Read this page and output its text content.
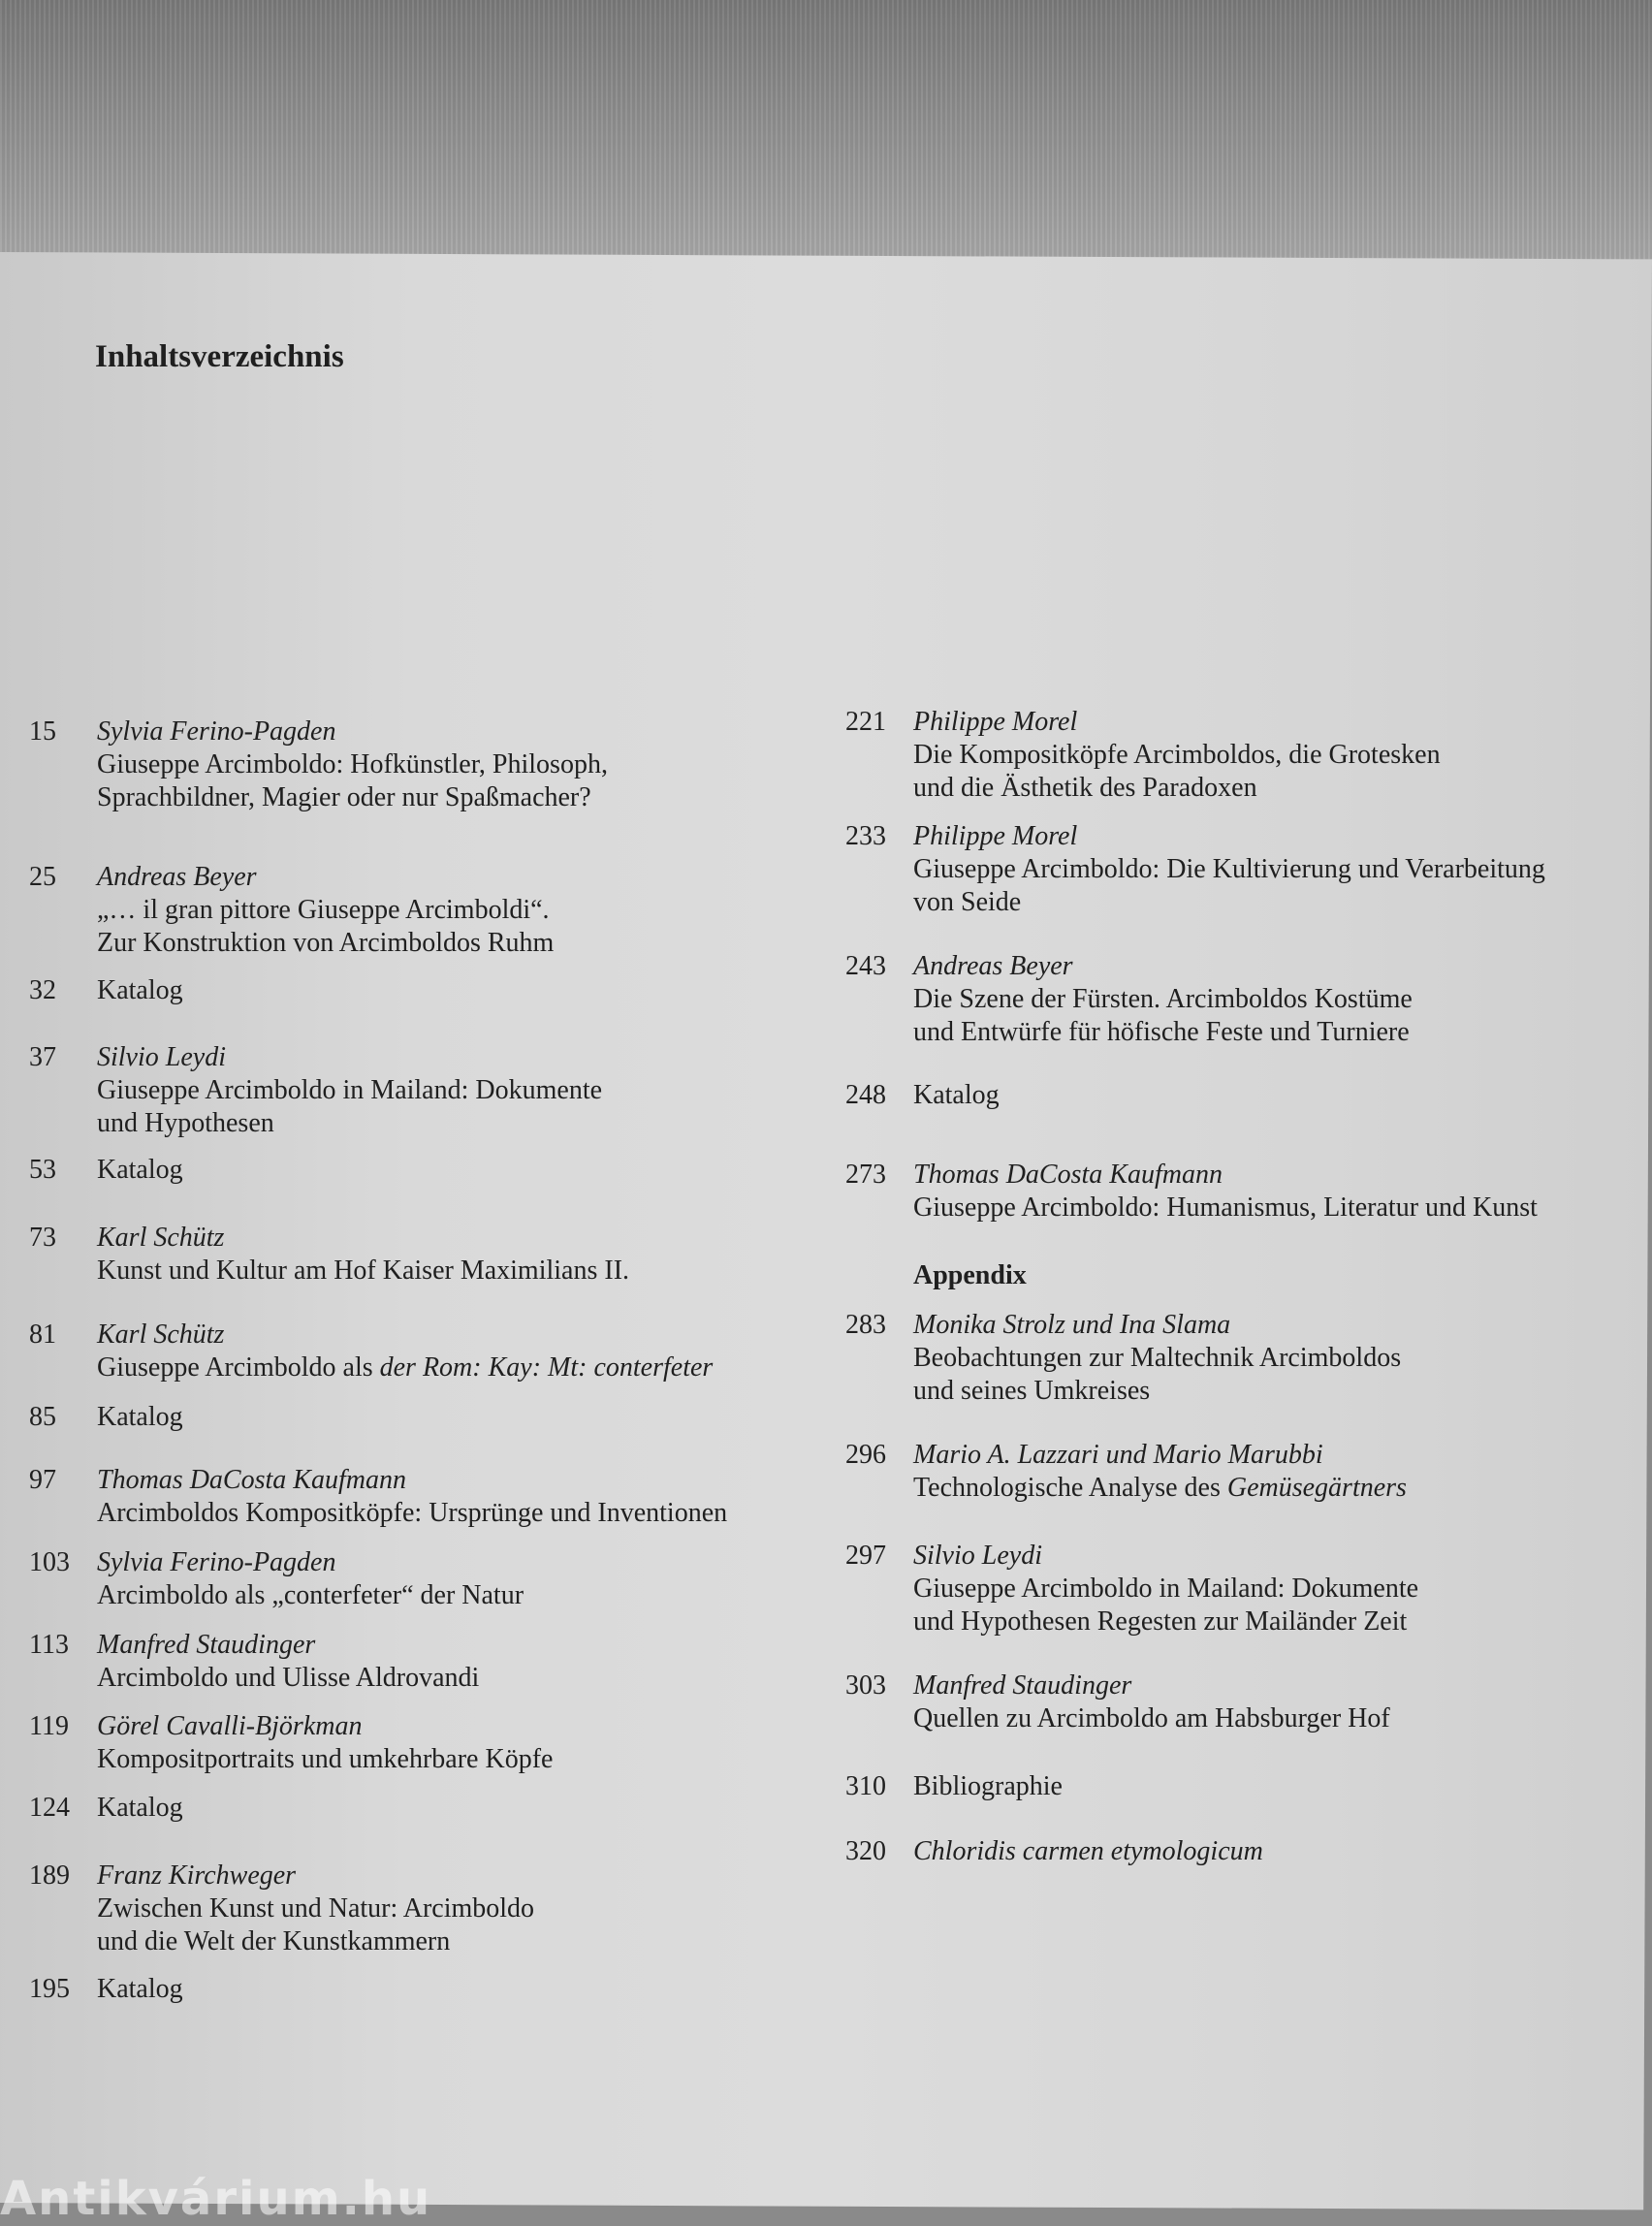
Inhaltsverzeichnis
15	Sylvia Ferino-Pagden
Giuseppe Arcimboldo: Hofkünstler, Philosoph,
Sprachbildner, Magier oder nur Spaßmacher?
25	Andreas Beyer
„… il gran pittore Giuseppe Arcimboldi“.
Zur Konstruktion von Arcimboldos Ruhm
32	Katalog
37	Silvio Leydi
Giuseppe Arcimboldo in Mailand: Dokumente
und Hypothesen
53	Katalog
73	Karl Schütz
Kunst und Kultur am Hof Kaiser Maximilians II.
81	Karl Schütz
Giuseppe Arcimboldo als der Rom: Kay: Mt: conterfeter
85	Katalog
97	Thomas DaCosta Kaufmann
Arcimboldos Kompositköpfe: Ursprünge und Inventionen
103	Sylvia Ferino-Pagden
Arcimboldo als „conterfeter“ der Natur
113	Manfred Staudinger
Arcimboldo und Ulisse Aldrovandi
119	Görel Cavalli-Björkman
Kompositportraits und umkehrbare Köpfe
124	Katalog
189	Franz Kirchweger
Zwischen Kunst und Natur: Arcimboldo
und die Welt der Kunstkammern
195	Katalog
221	Philippe Morel
Die Kompositköpfe Arcimboldos, die Grotesken
und die Ästhetik des Paradoxen
233	Philippe Morel
Giuseppe Arcimboldo: Die Kultivierung und Verarbeitung
von Seide
243	Andreas Beyer
Die Szene der Fürsten. Arcimboldos Kostüme
und Entwürfe für höfische Feste und Turniere
248	Katalog
273	Thomas DaCosta Kaufmann
Giuseppe Arcimboldo: Humanismus, Literatur und Kunst
Appendix
283	Monika Strolz und Ina Slama
Beobachtungen zur Maltechnik Arcimboldos
und seines Umkreises
296	Mario A. Lazzari und Mario Marubbi
Technologische Analyse des Gemüsegärtners
297	Silvio Leydi
Giuseppe Arcimboldo in Mailand: Dokumente
und Hypothesen Regesten zur Mailänder Zeit
303	Manfred Staudinger
Quellen zu Arcimboldo am Habsburger Hof
310	Bibliographie
320	Chloridis carmen etymologicum
Antikvárium.hu
